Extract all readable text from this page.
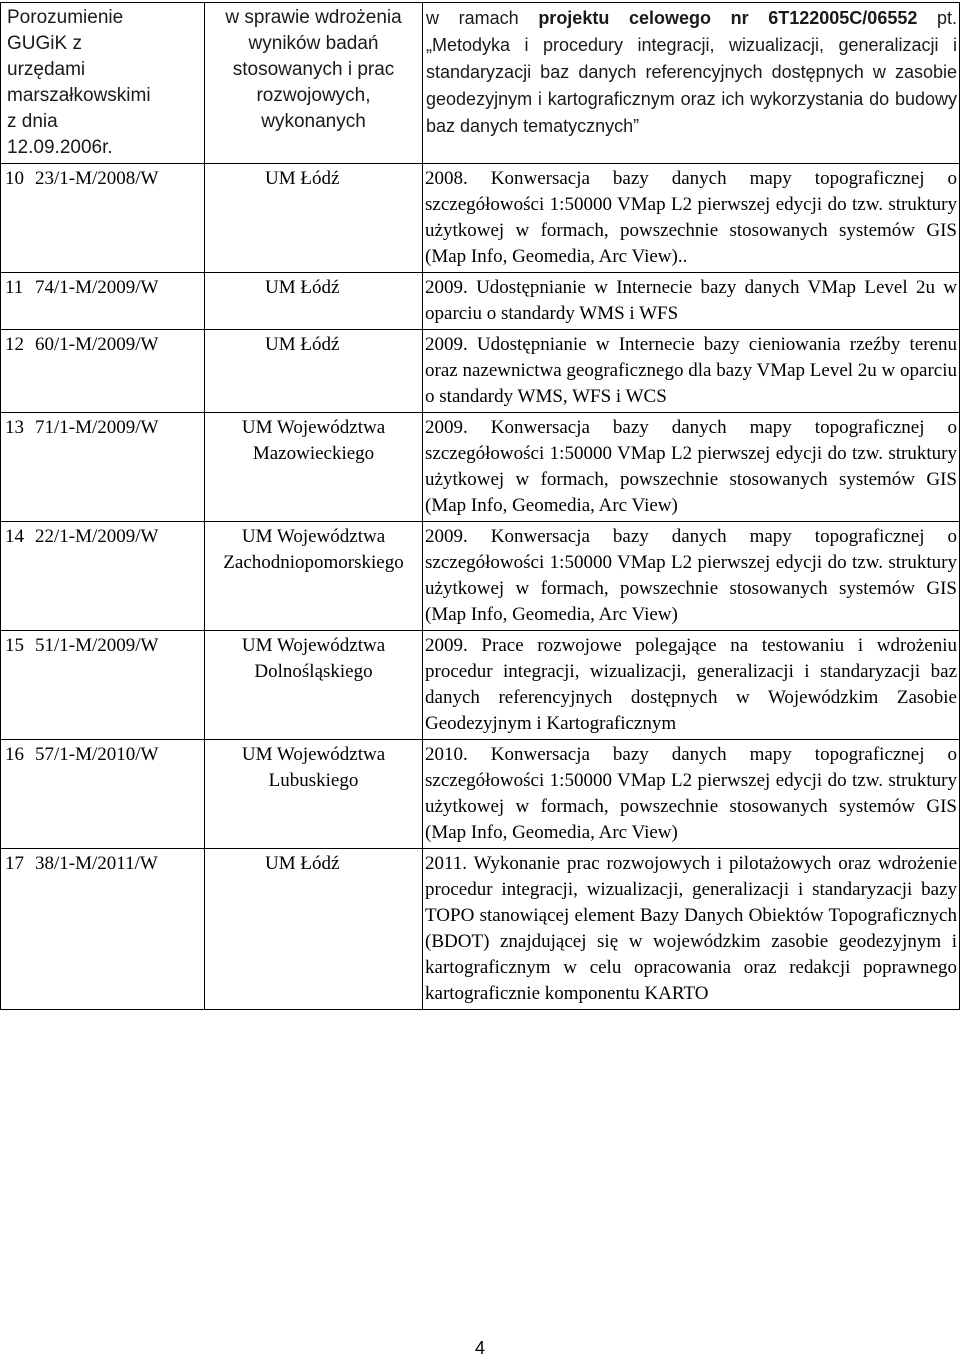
Porozumienie GUGiK z urzędami marszałkowskimi z dnia 12.09.2006r.	w sprawie wdrożenia wyników badań stosowanych i prac rozwojowych, wykonanych	w ramach projektu celowego nr 6T122005C/06552 pt. „Metodyka i procedury integracji, wizualizacji, generalizacji i standaryzacji baz danych referencyjnych dostępnych w zasobie geodezyjnym i kartograficznym oraz ich wykorzystania do budowy baz danych tematycznych”
10 23/1-M/2008/W	UM Łódź	2008. Konwersacja bazy danych mapy topograficznej o szczegółowości 1:50000 VMap L2 pierwszej edycji do tzw. struktury użytkowej w formach, powszechnie stosowanych systemów GIS (Map Info, Geomedia, Arc View)..
11 74/1-M/2009/W	UM Łódź	2009. Udostępnianie w Internecie bazy danych VMap Level 2u w oparciu o standardy WMS i WFS
12 60/1-M/2009/W	UM Łódź	2009. Udostępnianie w Internecie bazy cieniowania rzeźby terenu oraz nazewnictwa geograficznego dla bazy VMap Level 2u w oparciu o standardy WMS, WFS i WCS
13 71/1-M/2009/W	UM Województwa Mazowieckiego	2009. Konwersacja bazy danych mapy topograficznej o szczegółowości 1:50000 VMap L2 pierwszej edycji do tzw. struktury użytkowej w formach, powszechnie stosowanych systemów GIS (Map Info, Geomedia, Arc View)
14 22/1-M/2009/W	UM Województwa Zachodniopomorskiego	2009. Konwersacja bazy danych mapy topograficznej o szczegółowości 1:50000 VMap L2 pierwszej edycji do tzw. struktury użytkowej w formach, powszechnie stosowanych systemów GIS (Map Info, Geomedia, Arc View)
15 51/1-M/2009/W	UM Województwa Dolnośląskiego	2009. Prace rozwojowe polegające na testowaniu i wdrożeniu procedur integracji, wizualizacji, generalizacji i standaryzacji baz danych referencyjnych dostępnych w Wojewódzkim Zasobie Geodezyjnym i Kartograficznym
16 57/1-M/2010/W	UM Województwa Lubuskiego	2010. Konwersacja bazy danych mapy topograficznej o szczegółowości 1:50000 VMap L2 pierwszej edycji do tzw. struktury użytkowej w formach, powszechnie stosowanych systemów GIS (Map Info, Geomedia, Arc View)
17 38/1-M/2011/W	UM Łódź	2011. Wykonanie prac rozwojowych i pilotażowych oraz wdrożenie procedur integracji, wizualizacji, generalizacji i standaryzacji bazy TOPO stanowiącej element Bazy Danych Obiektów Topograficznych (BDOT) znajdującej się w wojewódzkim zasobie geodezyjnym i kartograficznym w celu opracowania oraz redakcji poprawnego kartograficznie komponentu KARTO
4
